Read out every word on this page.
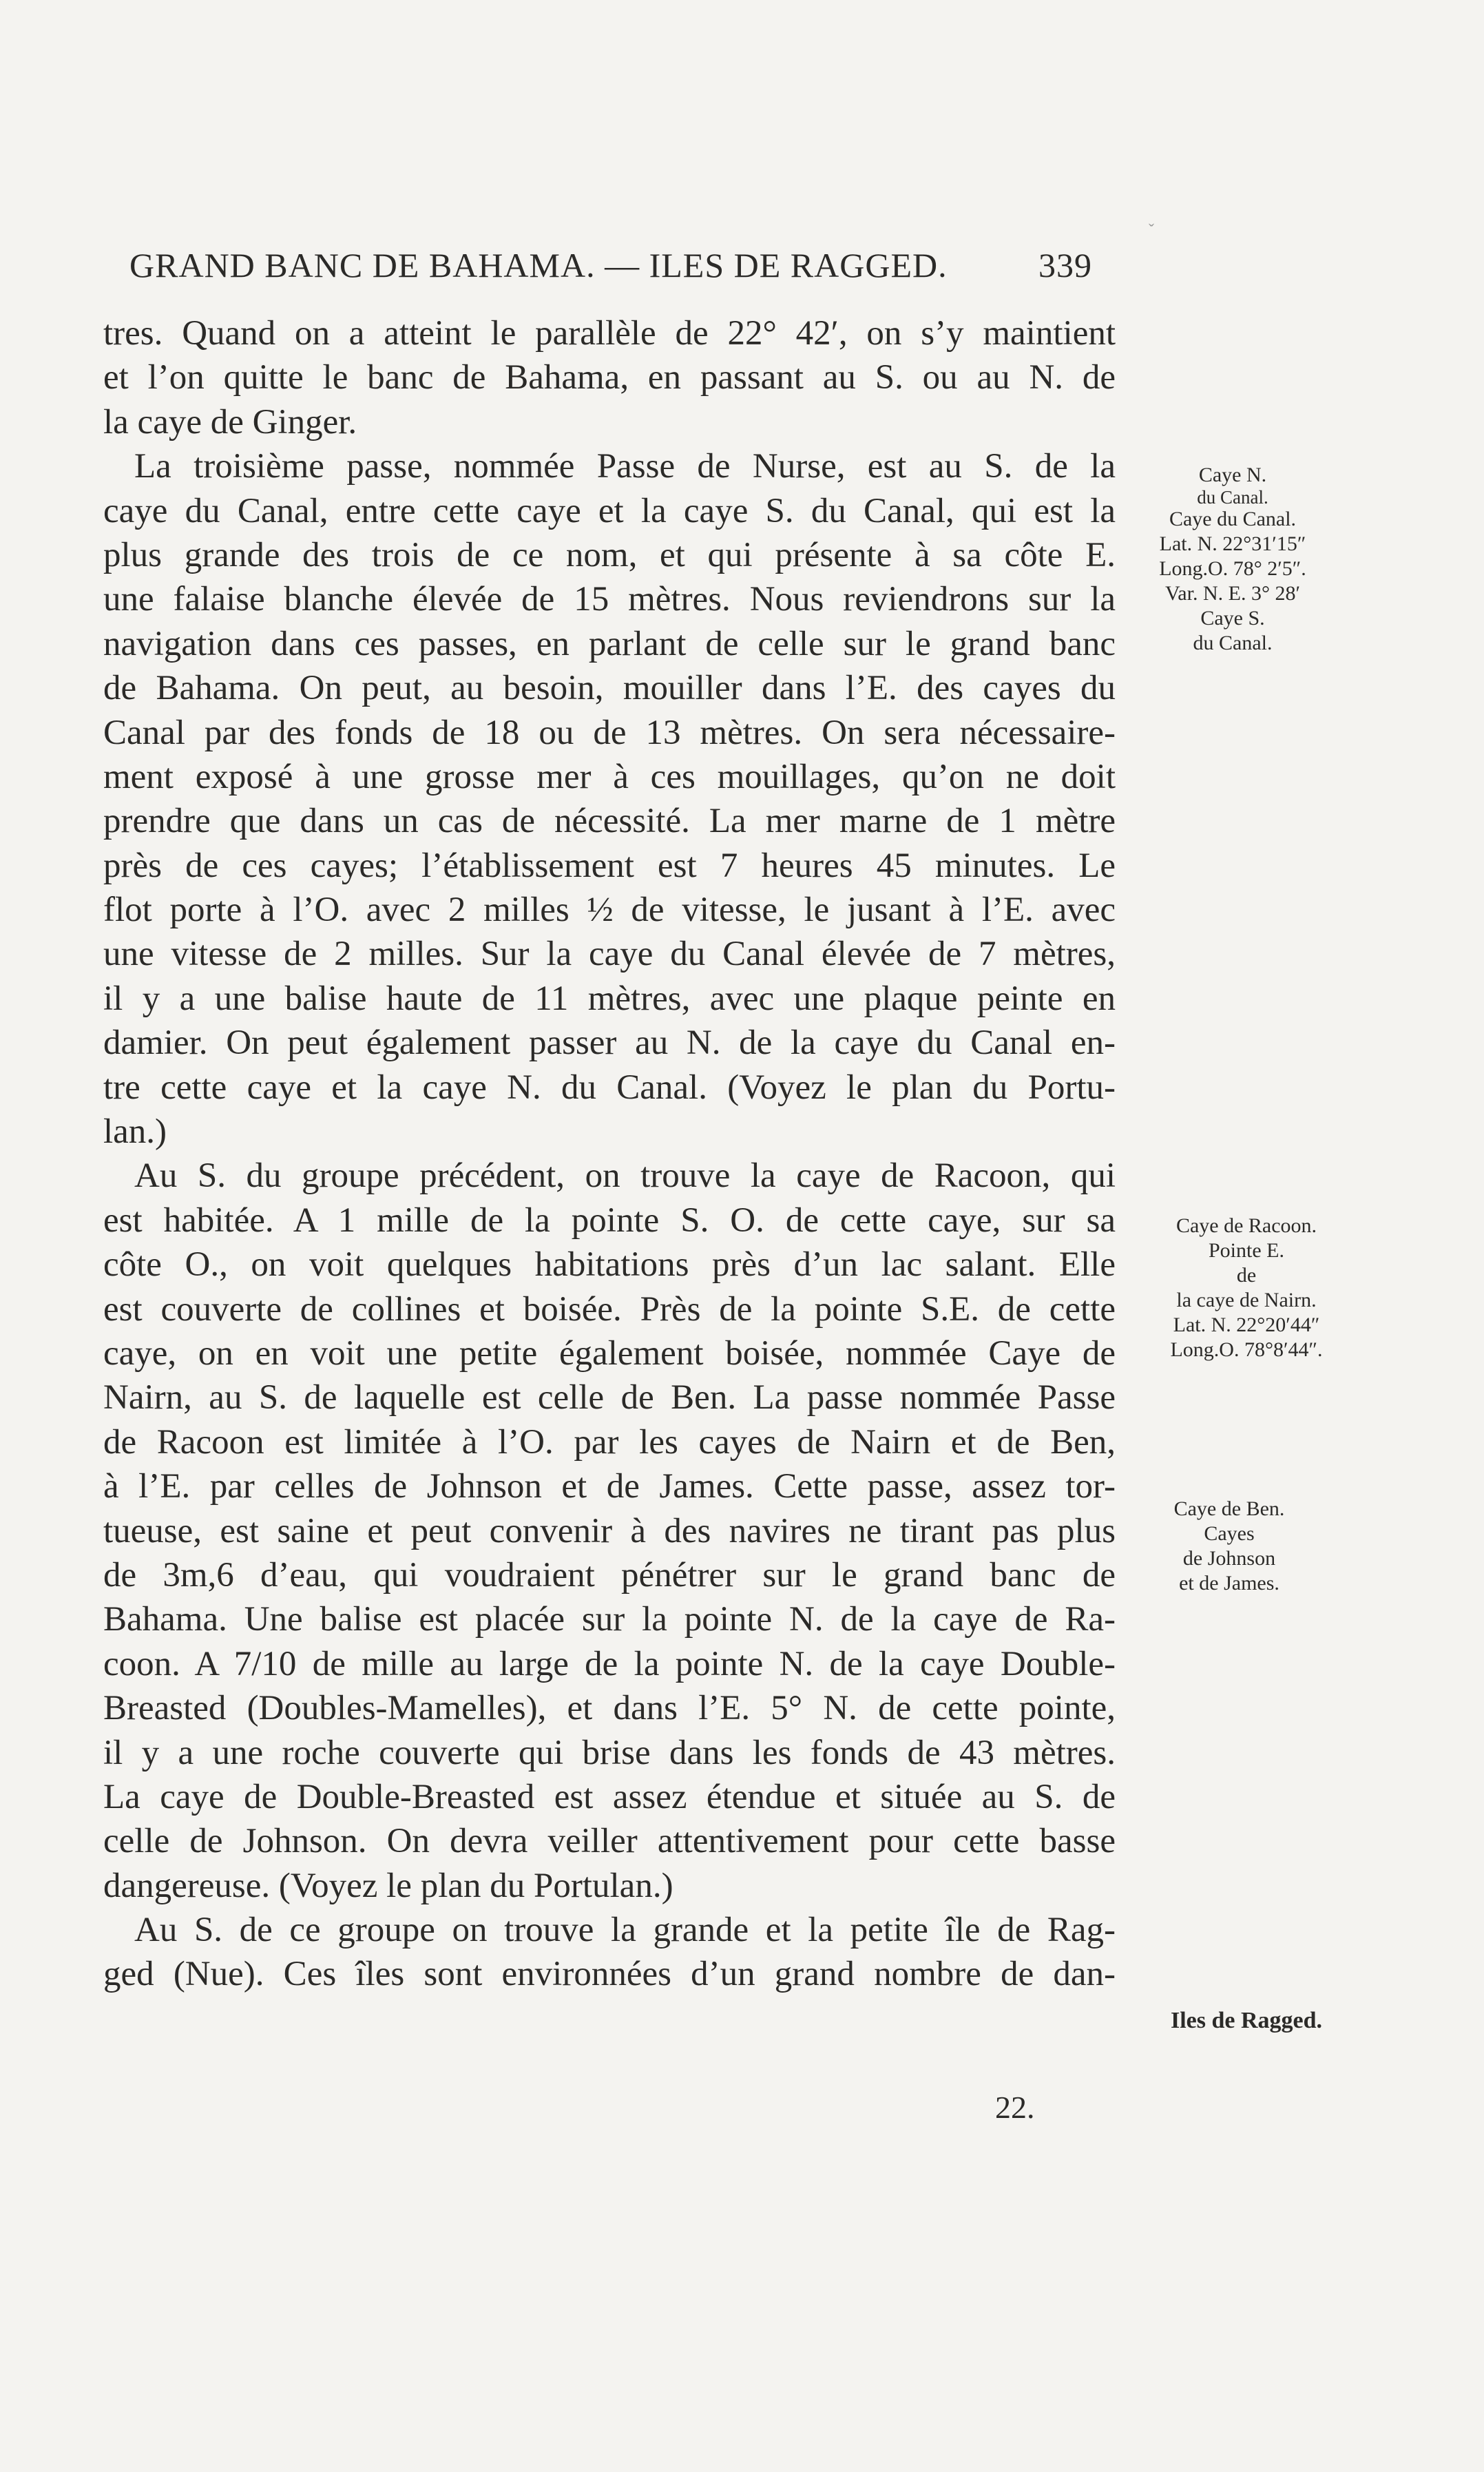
GRAND BANC DE BAHAMA. — ILES DE RAGGED.	339
ˇ
tres. Quand on a atteint le parallèle de 22° 42′, on s’y maintient
et l’on quitte le banc de Bahama, en passant au S. ou au N. de
la caye de Ginger.
La troisième passe, nommée Passe de Nurse, est au S. de la
caye du Canal, entre cette caye et la caye S. du Canal, qui est la
plus grande des trois de ce nom, et qui présente à sa côte E.
une falaise blanche élevée de 15 mètres. Nous reviendrons sur la
navigation dans ces passes, en parlant de celle sur le grand banc
de Bahama. On peut, au besoin, mouiller dans l’E. des cayes du
Canal par des fonds de 18 ou de 13 mètres. On sera nécessaire-
ment exposé à une grosse mer à ces mouillages, qu’on ne doit
prendre que dans un cas de nécessité. La mer marne de 1 mètre
près de ces cayes; l’établissement est 7 heures 45 minutes. Le
flot porte à l’O. avec 2 milles ½ de vitesse, le jusant à l’E. avec
une vitesse de 2 milles. Sur la caye du Canal élevée de 7 mètres,
il y a une balise haute de 11 mètres, avec une plaque peinte en
damier. On peut également passer au N. de la caye du Canal en-
tre cette caye et la caye N. du Canal. (Voyez le plan du Portu-
lan.)
Au S. du groupe précédent, on trouve la caye de Racoon, qui
est habitée. A 1 mille de la pointe S. O. de cette caye, sur sa
côte O., on voit quelques habitations près d’un lac salant. Elle
est couverte de collines et boisée. Près de la pointe S.E. de cette
caye, on en voit une petite également boisée, nommée Caye de
Nairn, au S. de laquelle est celle de Ben. La passe nommée Passe
de Racoon est limitée à l’O. par les cayes de Nairn et de Ben,
à l’E. par celles de Johnson et de James. Cette passe, assez tor-
tueuse, est saine et peut convenir à des navires ne tirant pas plus
de 3m,6 d’eau, qui voudraient pénétrer sur le grand banc de
Bahama. Une balise est placée sur la pointe N. de la caye de Ra-
coon. A 7/10 de mille au large de la pointe N. de la caye Double-
Breasted (Doubles-Mamelles), et dans l’E. 5° N. de cette pointe,
il y a une roche couverte qui brise dans les fonds de 43 mètres.
La caye de Double-Breasted est assez étendue et située au S. de
celle de Johnson. On devra veiller attentivement pour cette basse
dangereuse. (Voyez le plan du Portulan.)
Au S. de ce groupe on trouve la grande et la petite île de Rag-
ged (Nue). Ces îles sont environnées d’un grand nombre de dan-
Caye N.
du Canal.
Caye du Canal.
Lat. N. 22°31′15″
Long.O. 78° 2′5″.
Var. N. E. 3° 28′
Caye S.
du Canal.
Caye de Racoon.
Pointe E.
de
la caye de Nairn.
Lat. N. 22°20′44″
Long.O. 78°8′44″.
Caye de Ben.
Cayes
de Johnson
et de James.
Iles de Ragged.
22.
